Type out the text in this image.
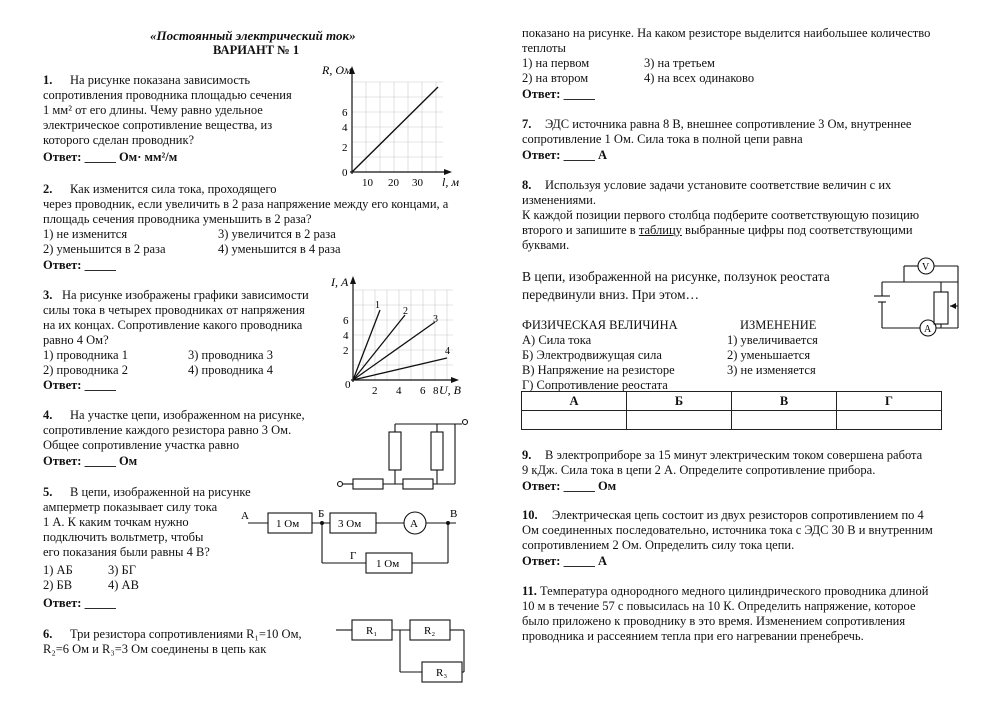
«Постоянный электрический ток»
ВАРИАНТ № 1
1. На рисунке показана зависимость
сопротивления проводника площадью сечения
1 мм² от его длины. Чему равно удельное
электрическое сопротивление вещества, из
которого сделан проводник?
Ответ: _____ Ом· мм²/м
R, Ом
l, м
0
2
4
6
10 20 30
2. Как изменится сила тока, проходящего
через проводник, если увеличить в 2 раза напряжение между его концами, а
площадь сечения проводника уменьшить в 2 раза?
1) не изменится	3) увеличится в 2 раза
2) уменьшится в 2 раза	4) уменьшится в 4 раза
Ответ: _____
3. На рисунке изображены графики зависимости
силы тока в четырех проводниках от напряжения
на их концах. Сопротивление какого проводника
равно 4 Ом?
1) проводника 1	3) проводника 3
2) проводника 2	4) проводника 4
Ответ: _____
1
2
3
4
I, А
U, В
0
2
4
6
2 4 6 8
4. На участке цепи, изображенном на рисунке,
сопротивление каждого резистора равно 3 Ом.
Общее сопротивление участка равно
Ответ: _____ Ом
5. В цепи, изображенной на рисунке
амперметр показывает силу тока
1 А. К каким точкам нужно
подключить вольтметр, чтобы
его показания были равны 4 В?
1) АБ	3) БГ
2) БВ	4) АВ
Ответ: _____
А	Б	В
Г
1 Ом	3 Ом	А
1 Ом
6. Три резистора сопротивлениями R₁=10 Ом,
R₂=6 Ом и R₃=3 Ом соединены в цепь как
R₁	R₂
R₃
показано на рисунке. На каком резисторе выделится наибольшее количество
теплоты
1) на первом	3) на третьем
2) на втором	4) на всех одинаково
Ответ: _____
7. ЭДС источника равна 8 В, внешнее сопротивление 3 Ом, внутреннее
сопротивление 1 Ом. Сила тока в полной цепи равна
Ответ: _____ А
8. Используя условие задачи установите соответствие величин с их
изменениями.
К каждой позиции первого столбца подберите соответствующую позицию
второго и запишите в таблицу выбранные цифры под соответствующими
буквами.
В цепи, изображенной на рисунке, ползунок реостата
передвинули вниз. При этом…
V
A
ФИЗИЧЕСКАЯ ВЕЛИЧИНА	ИЗМЕНЕНИЕ
А) Сила тока
Б) Электродвижущая сила
В) Напряжение на резисторе
Г) Сопротивление реостата
1) увеличивается
2) уменьшается
3) не изменяется
А	Б	В	Г

9. В электроприборе за 15 минут электрическим током совершена работа
9 кДж. Сила тока в цепи 2 А. Определите сопротивление прибора.
Ответ: _____ Ом
10. Электрическая цепь состоит из двух резисторов сопротивлением по 4
Ом соединенных последовательно, источника тока с ЭДС 30 В и внутренним
сопротивлением 2 Ом. Определить силу тока цепи.
Ответ: _____ А
11. Температура однородного медного цилиндрического проводника длиной
10 м в течение 57 с повысилась на 10 К. Определить напряжение, которое
было приложено к проводнику в это время. Изменением сопротивления
проводника и рассеянием тепла при его нагревании пренебречь.
